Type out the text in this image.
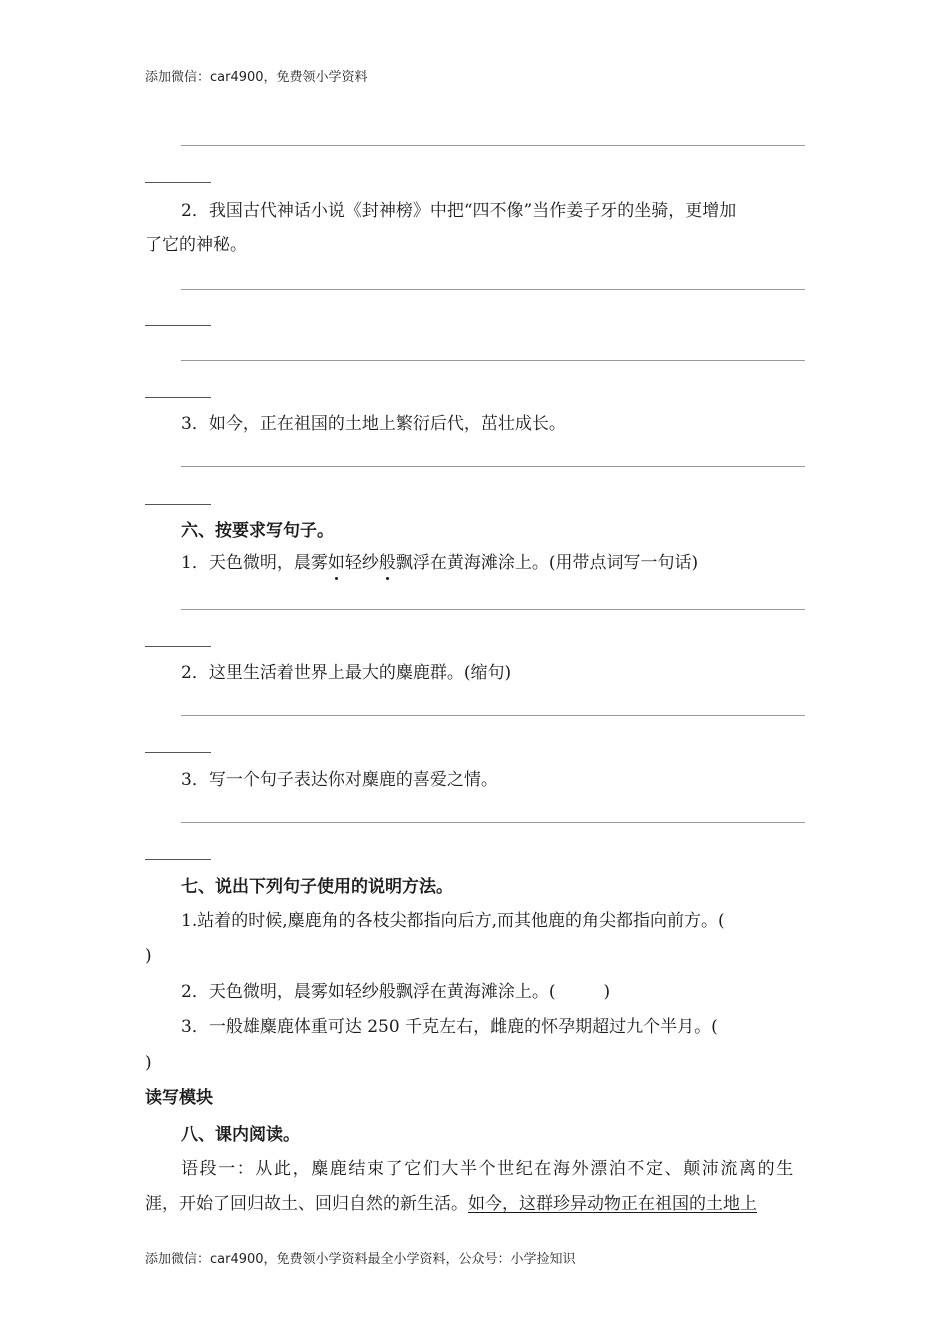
添加微信：car4900，免费领小学资料
2．我国古代神话小说《封神榜》中把“四不像”当作姜子牙的坐骑，更增加
了它的神秘。
3．如今，正在祖国的土地上繁衍后代，茁壮成长。
六、按要求写句子。
1．天色微明，晨雾如轻纱般飘浮在黄海滩涂上。(用带点词写一句话)
2．这里生活着世界上最大的麋鹿群。(缩句)
3．写一个句子表达你对麋鹿的喜爱之情。
七、说出下列句子使用的说明方法。
1.站着的时候,麋鹿角的各枝尖都指向后方,而其他鹿的角尖都指向前方。(
)
2．天色微明，晨雾如轻纱般飘浮在黄海滩涂上。(	)
3．一般雄麋鹿体重可达 250 千克左右，雌鹿的怀孕期超过九个半月。(
)
读写模块
八、课内阅读。
语段一：从此，麋鹿结束了它们大半个世纪在海外漂泊不定、颠沛流离的生
涯，开始了回归故土、回归自然的新生活。如今，这群珍异动物正在祖国的土地上
添加微信：car4900，免费领小学资料最全小学资料，公众号：小学捡知识
